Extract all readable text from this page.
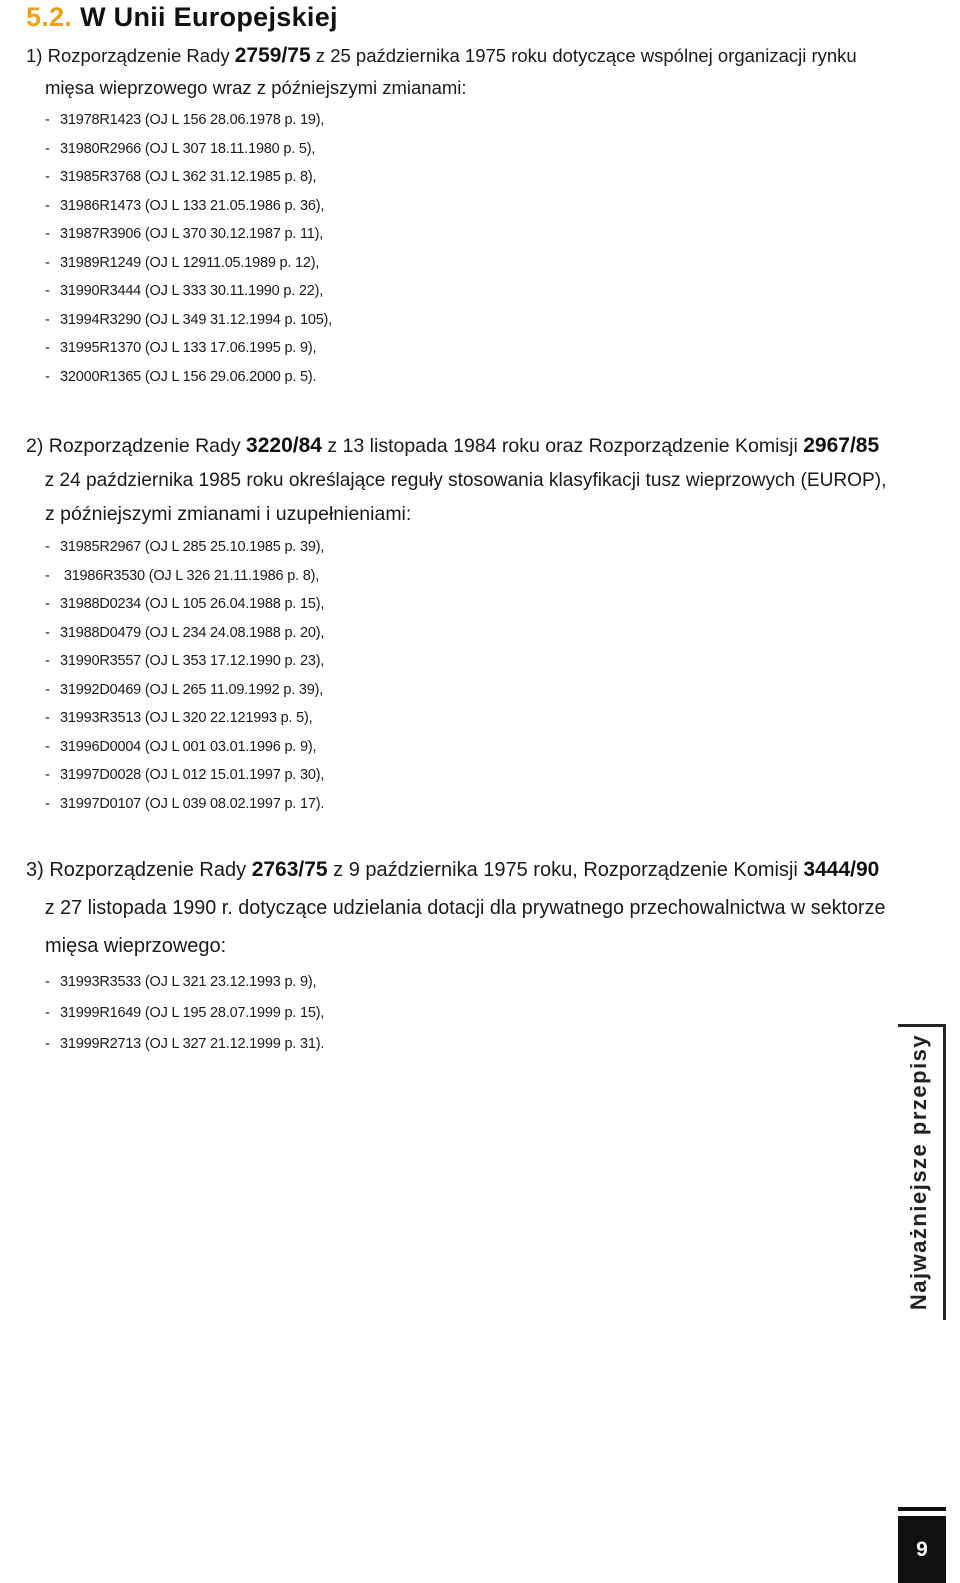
5.2. W Unii Europejskiej
1) Rozporządzenie Rady 2759/75 z 25 października 1975 roku dotyczące wspólnej organizacji rynku
mięsa wieprzowego wraz z późniejszymi zmianami:
- 31978R1423 (OJ L 156 28.06.1978 p. 19),
- 31980R2966 (OJ L 307 18.11.1980 p. 5),
- 31985R3768 (OJ L 362 31.12.1985 p. 8),
- 31986R1473 (OJ L 133 21.05.1986 p. 36),
- 31987R3906 (OJ L 370 30.12.1987 p. 11),
- 31989R1249 (OJ L 12911.05.1989 p. 12),
- 31990R3444 (OJ L 333 30.11.1990 p. 22),
- 31994R3290 (OJ L 349 31.12.1994 p. 105),
- 31995R1370 (OJ L 133 17.06.1995 p. 9),
- 32000R1365 (OJ L 156 29.06.2000 p. 5).
2) Rozporządzenie Rady 3220/84 z 13 listopada 1984 roku oraz Rozporządzenie Komisji 2967/85
z 24 października 1985 roku określające reguły stosowania klasyfikacji tusz wieprzowych (EUROP),
z późniejszymi zmianami i uzupełnieniami:
- 31985R2967 (OJ L 285 25.10.1985 p. 39),
- 31986R3530 (OJ L 326 21.11.1986 p. 8),
- 31988D0234 (OJ L 105 26.04.1988 p. 15),
- 31988D0479 (OJ L 234 24.08.1988 p. 20),
- 31990R3557 (OJ L 353 17.12.1990 p. 23),
- 31992D0469 (OJ L 265 11.09.1992 p. 39),
- 31993R3513 (OJ L 320 22.121993 p. 5),
- 31996D0004 (OJ L 001 03.01.1996 p. 9),
- 31997D0028 (OJ L 012 15.01.1997 p. 30),
- 31997D0107 (OJ L 039 08.02.1997 p. 17).
3) Rozporządzenie Rady 2763/75 z 9 października 1975 roku, Rozporządzenie Komisji 3444/90
z 27 listopada 1990 r. dotyczące udzielania dotacji dla prywatnego przechowalnictwa w sektorze
mięsa wieprzowego:
- 31993R3533 (OJ L 321 23.12.1993 p. 9),
- 31999R1649 (OJ L 195 28.07.1999 p. 15),
- 31999R2713 (OJ L 327 21.12.1999 p. 31).	Najważniejsze przepisy
9
